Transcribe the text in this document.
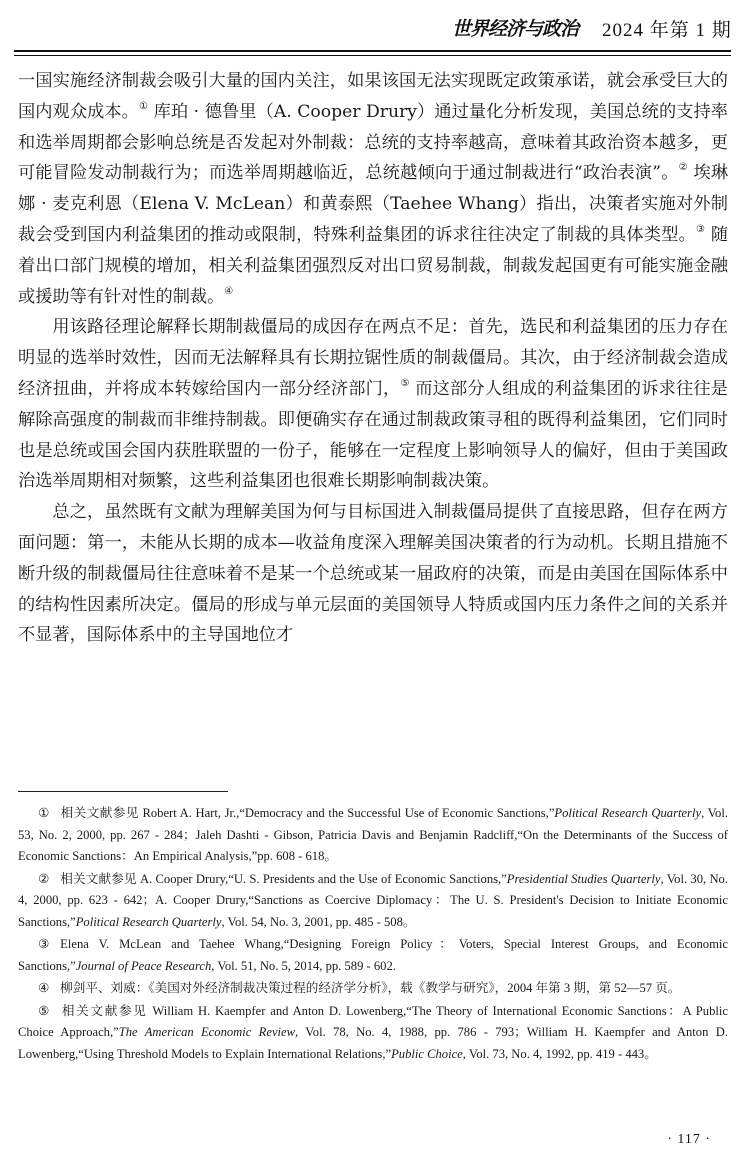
世界经济与政治 2024 年第 1 期

一国实施经济制裁会吸引大量的国内关注，如果该国无法实现既定政策承诺，就会承受巨大的国内观众成本。① 库珀 · 德鲁里（A. Cooper Drury）通过量化分析发现，美国总统的支持率和选举周期都会影响总统是否发起对外制裁：总统的支持率越高，意味着其政治资本越多，更可能冒险发动制裁行为；而选举周期越临近，总统越倾向于通过制裁进行“政治表演”。② 埃琳娜 · 麦克利恩（Elena V. McLean）和黄泰熙（Taehee Whang）指出，决策者实施对外制裁会受到国内利益集团的推动或限制，特殊利益集团的诉求往往决定了制裁的具体类型。③ 随着出口部门规模的增加，相关利益集团强烈反对出口贸易制裁，制裁发起国更有可能实施金融或援助等有针对性的制裁。④

用该路径理论解释长期制裁僵局的成因存在两点不足：首先，选民和利益集团的压力存在明显的选举时效性，因而无法解释具有长期拉锯性质的制裁僵局。其次，由于经济制裁会造成经济扭曲，并将成本转嫁给国内一部分经济部门，⑤ 而这部分人组成的利益集团的诉求往往是解除高强度的制裁而非维持制裁。即便确实存在通过制裁政策寻租的既得利益集团，它们同时也是总统或国会国内获胜联盟的一份子，能够在一定程度上影响领导人的偏好，但由于美国政治选举周期相对频繁，这些利益集团也很难长期影响制裁决策。

总之，虽然既有文献为理解美国为何与目标国进入制裁僵局提供了直接思路，但存在两方面问题：第一，未能从长期的成本—收益角度深入理解美国决策者的行为动机。长期且措施不断升级的制裁僵局往往意味着不是某一个总统或某一届政府的决策，而是由美国在国际体系中的结构性因素所决定。僵局的形成与单元层面的美国领导人特质或国内压力条件之间的关系并不显著，国际体系中的主导国地位才

① 相关文献参见 Robert A. Hart, Jr.,“Democracy and the Successful Use of Economic Sanctions,”Political Research Quarterly, Vol. 53, No. 2, 2000, pp. 267 - 284；Jaleh Dashti - Gibson, Patricia Davis and Benjamin Radcliff,“On the Determinants of the Success of Economic Sanctions：An Empirical Analysis,”pp. 608 - 618。

② 相关文献参见 A. Cooper Drury,“U. S. Presidents and the Use of Economic Sanctions,”Presidential Studies Quarterly, Vol. 30, No. 4, 2000, pp. 623 - 642；A. Cooper Drury,“Sanctions as Coercive Diplomacy：The U. S. President's Decision to Initiate Economic Sanctions,”Political Research Quarterly, Vol. 54, No. 3, 2001, pp. 485 - 508。

③ Elena V. McLean and Taehee Whang,“Designing Foreign Policy：Voters, Special Interest Groups, and Economic Sanctions,”Journal of Peace Research, Vol. 51, No. 5, 2014, pp. 589 - 602.

④ 柳剑平、刘威：《美国对外经济制裁决策过程的经济学分析》，载《教学与研究》，2004 年第 3 期，第 52—57 页。

⑤ 相关文献参见 William H. Kaempfer and Anton D. Lowenberg,“The Theory of International Economic Sanctions：A Public Choice Approach,”The American Economic Review, Vol. 78, No. 4, 1988, pp. 786 - 793；William H. Kaempfer and Anton D. Lowenberg,“Using Threshold Models to Explain International Relations,”Public Choice, Vol. 73, No. 4, 1992, pp. 419 - 443。

· 117 ·
